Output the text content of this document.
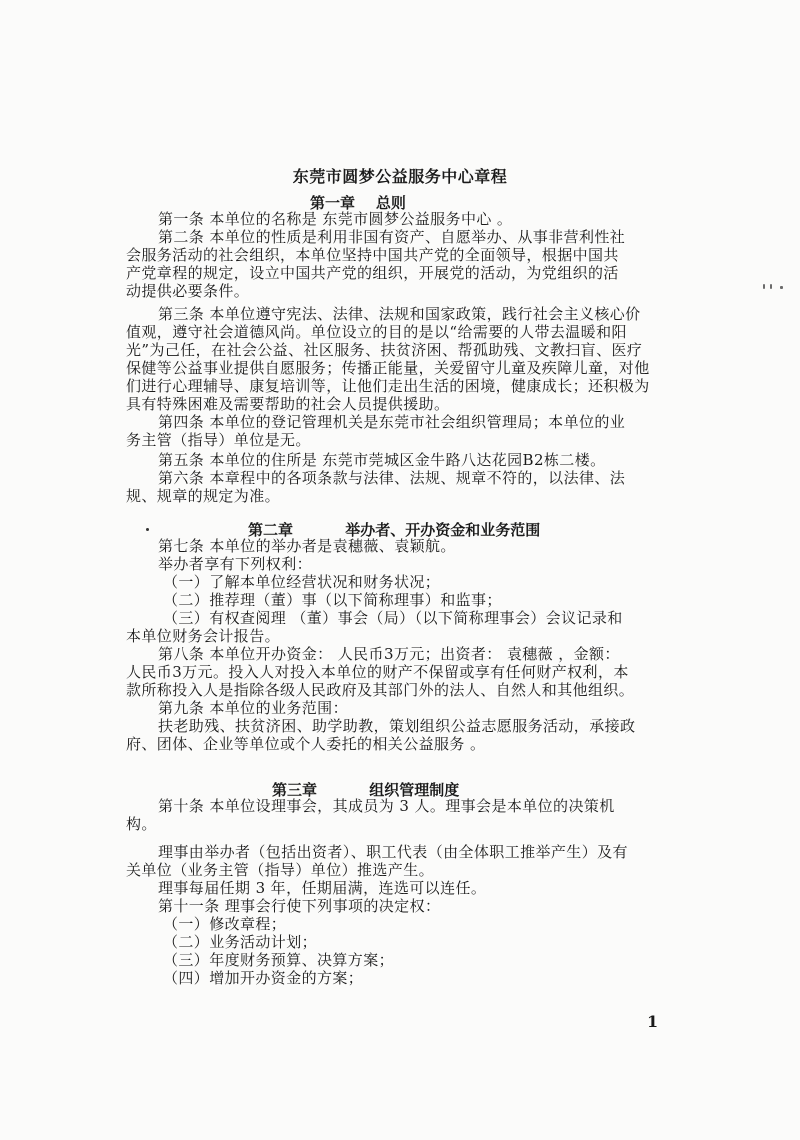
东莞市圆梦公益服务中心章程
第一章    总则
第一条 本单位的名称是 东莞市圆梦公益服务中心 。
第二条 本单位的性质是利用非国有资产、自愿举办、从事非营利性社
会服务活动的社会组织，本单位坚持中国共产党的全面领导，根据中国共
产党章程的规定，设立中国共产党的组织，开展党的活动，为党组织的活
动提供必要条件。
第三条 本单位遵守宪法、法律、法规和国家政策，践行社会主义核心价
值观，遵守社会道德风尚。单位设立的目的是以“给需要的人带去温暖和阳
光”为己任，在社会公益、社区服务、扶贫济困、帮孤助残、文教扫盲、医疗
保健等公益事业提供自愿服务；传播正能量，关爱留守儿童及疾障儿童，对他
们进行心理辅导、康复培训等，让他们走出生活的困境，健康成长；还积极为
具有特殊困难及需要帮助的社会人员提供援助。
第四条 本单位的登记管理机关是东莞市社会组织管理局；本单位的业
务主管（指导）单位是无。
第五条 本单位的住所是 东莞市莞城区金牛路八达花园B2栋二楼。
第六条 本章程中的各项条款与法律、法规、规章不符的，以法律、法
规、规章的规定为准。
第二章          举办者、开办资金和业务范围
第七条 本单位的举办者是袁穗薇、袁颖航。
举办者享有下列权利：
（一）了解本单位经营状况和财务状况；
（二）推荐理（董）事（以下简称理事）和监事；
（三）有权查阅理 （董）事会（局）（以下简称理事会）会议记录和
本单位财务会计报告。
第八条 本单位开办资金： 人民币3万元；出资者： 袁穗薇 ，金额：
人民币3万元。投入人对投入本单位的财产不保留或享有任何财产权利，本
款所称投入人是指除各级人民政府及其部门外的法人、自然人和其他组织。
第九条 本单位的业务范围：
扶老助残、扶贫济困、助学助教，策划组织公益志愿服务活动，承接政
府、团体、企业等单位或个人委托的相关公益服务 。
第三章          组织管理制度
第十条 本单位设理事会，其成员为 3 人。理事会是本单位的决策机
构。
理事由举办者（包括出资者）、职工代表（由全体职工推举产生）及有
关单位（业务主管（指导）单位）推选产生。
理事每届任期 3 年，任期届满，连选可以连任。
第十一条 理事会行使下列事项的决定权：
（一）修改章程；
（二）业务活动计划；
（三）年度财务预算、决算方案；
（四）增加开办资金的方案；
1
